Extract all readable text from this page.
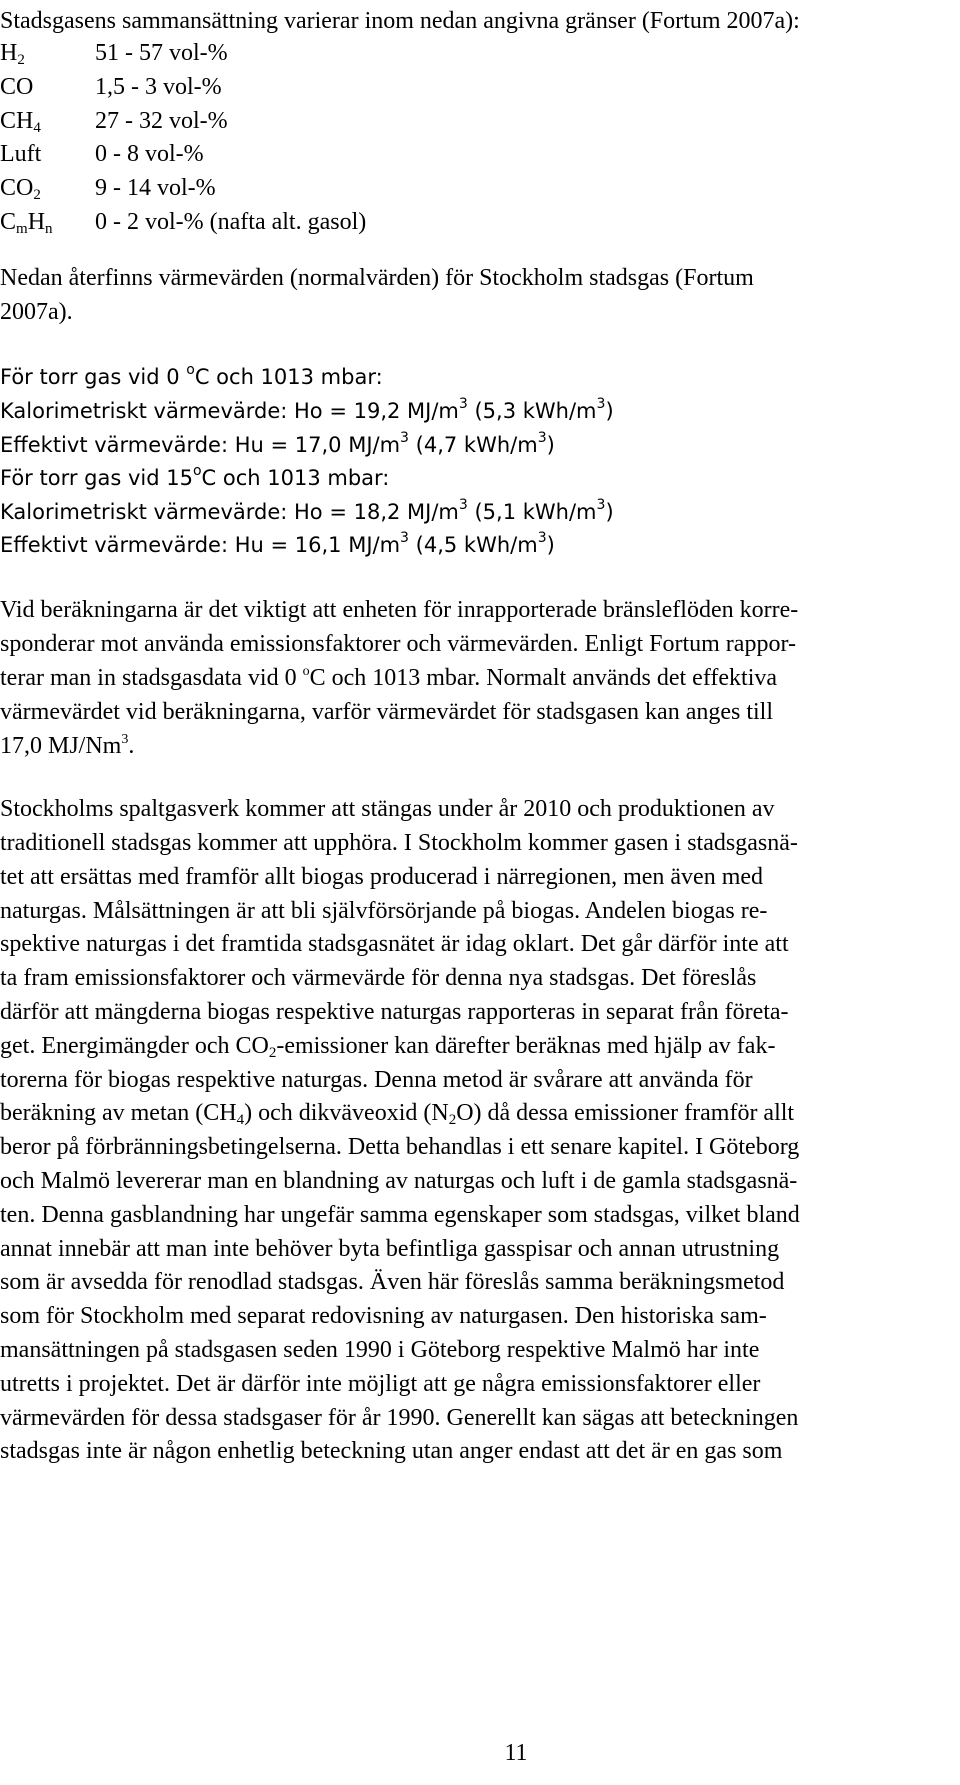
Stadsgasens sammansättning varierar inom nedan angivna gränser (Fortum 2007a):
$H_2$	51 - 57 vol-%
CO	1,5 - 3 vol-%
$CH_4$ 27 - 32 vol-%
Luft 0 - 8 vol-%
$CO_2$ 9 - 14 vol-%
$C_mH_n$ 0 - 2 vol-% (nafta alt. gasol)
Nedan återfinns värmevärden (normalvärden) för Stockholm stadsgas (Fortum
2007a).
För torr gas vid 0 $^o$C och 1013 mbar:
Kalorimetriskt värmevärde: Ho = 19,2 $MJ/m^3$ (5,3 kWh/$m^3$)
Effektivt värmevärde: Hu = 17,0 $MJ/m^3$ (4,7 kWh/$m^3$)
För torr gas vid 15$^o$C och 1013 mbar:
Kalorimetriskt värmevärde: Ho = 18,2 $MJ/m^3$ (5,1 kWh/$m^3$)
Effektivt värmevärde: Hu = 16,1 $MJ/m^3$ (4,5 kWh/$m^3$)
Vid beräkningarna är det viktigt att enheten för inrapporterade bränsleflöden korre-
sponderar mot använda emissionsfaktorer och värmevärden. Enligt Fortum rappor-
terar man in stadsgasdata vid 0 $^o$C och 1013 mbar. Normalt används det effektiva
värmevärdet vid beräkningarna, varför värmevärdet för stadsgasen kan anges till
17,0 MJ/Nm$^3$.
Stockholms spaltgasverk kommer att stängas under år 2010 och produktionen av
traditionell stadsgas kommer att upphöra. I Stockholm kommer gasen i stadsgasnä-
tet att ersättas med framför allt biogas producerad i närregionen, men även med
naturgas. Målsättningen är att bli självförsörjande på biogas. Andelen biogas re-
spektive naturgas i det framtida stadsgasnätet är idag oklart. Det går därför inte att
ta fram emissionsfaktorer och värmevärde för denna nya stadsgas. Det föreslås
därför att mängderna biogas respektive naturgas rapporteras in separat från företa-
get. Energimängder och $CO_2$-emissioner kan därefter beräknas med hjälp av fak-
torerna för biogas respektive naturgas. Denna metod är svårare att använda för
beräkning av metan $(CH_4)$ och dikväveoxid $(N_2O)$ då dessa emissioner framför allt
beror på förbränningsbetingelserna. Detta behandlas i ett senare kapitel. I Göteborg
och Malmö levererar man en blandning av naturgas och luft i de gamla stadsgasnä-
ten. Denna gasblandning har ungefär samma egenskaper som stadsgas, vilket bland
annat innebär att man inte behöver byta befintliga gasspisar och annan utrustning
som är avsedda för renodlad stadsgas. Även här föreslås samma beräkningsmetod
som för Stockholm med separat redovisning av naturgasen. Den historiska sam-
mansättningen på stadsgasen seden 1990 i Göteborg respektive Malmö har inte
utretts i projektet. Det är därför inte möjligt att ge några emissionsfaktorer eller
värmevärden för dessa stadsgaser för år 1990. Generellt kan sägas att beteckningen
stadsgas inte är någon enhetlig beteckning utan anger endast att det är en gas som
11
